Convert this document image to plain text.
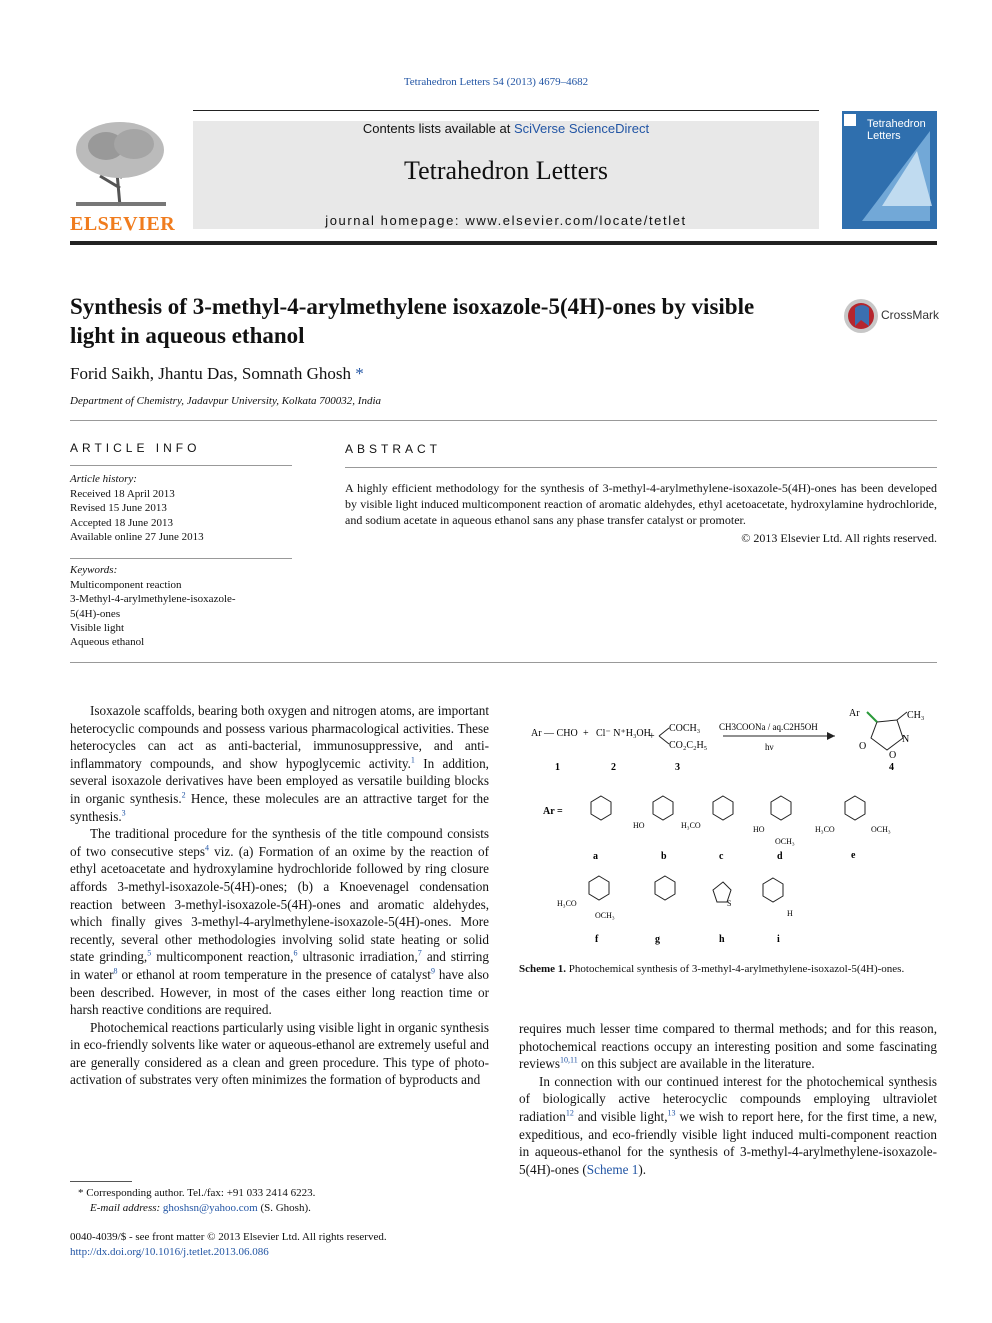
Tetrahedron Letters 54 (2013) 4679–4682
ELSEVIER
Contents lists available at SciVerse ScienceDirect
Tetrahedron Letters
journal homepage: www.elsevier.com/locate/tetlet
Tetrahedron
Letters
Synthesis of 3-methyl-4-arylmethylene isoxazole-5(4H)-ones by visible light in aqueous ethanol
CrossMark
Forid Saikh, Jhantu Das, Somnath Ghosh *
Department of Chemistry, Jadavpur University, Kolkata 700032, India
ARTICLE INFO
Article history:
Received 18 April 2013
Revised 15 June 2013
Accepted 18 June 2013
Available online 27 June 2013
Keywords:
Multicomponent reaction
3-Methyl-4-arylmethylene-isoxazole-
5(4H)-ones
Visible light
Aqueous ethanol
ABSTRACT

A highly efficient methodology for the synthesis of 3-methyl-4-arylmethylene-isoxazole-5(4H)-ones has been developed by visible light induced multicomponent reaction of aromatic aldehydes, ethyl acetoacetate, hydroxylamine hydrochloride, and sodium acetate in aqueous ethanol sans any phase transfer catalyst or promoter.

© 2013 Elsevier Ltd. All rights reserved.

Isoxazole scaffolds, bearing both oxygen and nitrogen atoms, are important heterocyclic compounds and possess various pharmacological activities. These heterocycles can act as anti-bacterial, immunosuppressive, and anti-inflammatory compounds, and show hypoglycemic activity.$^1$ In addition, several isoxazole derivatives have been employed as versatile building blocks in organic synthesis.$^2$ Hence, these molecules are an attractive target for the synthesis.$^3$

The traditional procedure for the synthesis of the title compound consists of two consecutive steps$^4$ viz. (a) Formation of an oxime by the reaction of ethyl acetoacetate and hydroxylamine hydrochloride followed by ring closure affords 3-methyl-isoxazole-5(4H)-ones; (b) a Knoevenagel condensation reaction between 3-methyl-isoxazole-5(4H)-ones and aromatic aldehydes, which finally gives 3-methyl-4-arylmethylene-isoxazole-5(4H)-ones. More recently, several other methodologies involving solid state heating or solid state grinding,$^5$ multicomponent reaction,$^6$ ultrasonic irradiation,$^7$ and stirring in water$^8$ or ethanol at room temperature in the presence of catalyst$^9$ have also been described. However, in most of the cases either long reaction time or harsh reactive conditions are required.

Photochemical reactions particularly using visible light in organic synthesis in eco-friendly solvents like water or aqueous-ethanol are extremely useful and are generally considered as a clean and green procedure. This type of photo-activation of substrates very often minimizes the formation of byproducts and

Ar — CHO + Cl⁻ N⁺H₃OH
+
COCH₃
CO₂C₂H₅
CH3COONa / aq.C2H5OH
hν
Ar	CH₃
O
N
O
1	2	3	4
Ar =
HO	H₃CO	HO
OCH₃
H₃CO	OCH₃
H₃CO
OCH₃
S
H
a	b	c	d	e
f	g	h	i
Scheme 1. Photochemical synthesis of 3-methyl-4-arylmethylene-isoxazol-5(4H)-ones.

requires much lesser time compared to thermal methods; and for this reason, photochemical reactions occupy an interesting position and some fascinating reviews$^{10,11}$ on this subject are available in the literature.

In connection with our continued interest for the photochemical synthesis of biologically active heterocyclic compounds employing ultraviolet radiation$^{12}$ and visible light,$^{13}$ we wish to report here, for the first time, a new, expeditious, and eco-friendly visible light induced multi-component reaction in aqueous-ethanol for the synthesis of 3-methyl-4-arylmethylene-isoxazole-5(4H)-ones (Scheme 1).

* Corresponding author. Tel./fax: +91 033 2414 6223.
E-mail address: ghoshsn@yahoo.com (S. Ghosh).
0040-4039/$ - see front matter © 2013 Elsevier Ltd. All rights reserved.
http://dx.doi.org/10.1016/j.tetlet.2013.06.086
